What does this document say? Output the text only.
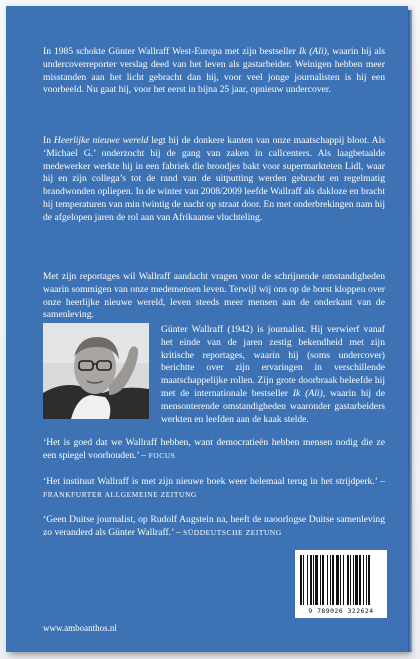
In 1985 schokte Günter Wallraff West-Europa met zijn bestseller Ik (Ali), waarin hij als undercoverreporter verslag deed van het leven als gastarbeider. Weinigen hebben meer misstanden aan het licht gebracht dan hij, voor veel jonge journalisten is hij een voorbeeld. Nu gaat hij, voor het eerst in bijna 25 jaar, opnieuw undercover.

In Heerlijke nieuwe wereld legt hij de donkere kanten van onze maatschappij bloot. Als ‘Michael G.’ onderzocht hij de gang van zaken in callcenters. Als laagbetaalde medewerker werkte hij in een fabriek die broodjes bakt voor supermarkteten Lidl, waar hij en zijn collega’s tot de rand van de uitputting werden gebracht en regelmatig brandwonden opliepen. In de winter van 2008/2009 leefde Wallraff als dakloze en bracht hij temperaturen van min twintig de nacht op straat door. En met onderbrekingen nam hij de afgelopen jaren de rol aan van Afrikaanse vluchteling.

Met zijn reportages wil Wallraff aandacht vragen voor de schrijnende omstandigheden waarin sommigen van onze medemensen leven. Terwijl wij ons op de borst kloppen over onze heerlijke nieuwe wereld, leven steeds meer mensen aan de onderkant van de samenleving.

Günter Wallraff (1942) is journalist. Hij verwierf vanaf het einde van de jaren zestig bekendheid met zijn kritische reportages, waarin hij (soms undercover) berichtte over zijn ervaringen in verschillende maatschappelijke rollen. Zijn grote doorbraak beleefde hij met de internationale bestseller Ik (Ali), waarin hij de mensonterende omstandigheden waaronder gastarbeiders werkten en leefden aan de kaak stelde.

‘Het is goed dat we Wallraff hebben, want democratieën hebben mensen nodig die ze een spiegel voorhouden.’ – FOCUS

‘Het instituut Wallraff is met zijn nieuwe boek weer helemaal terug in het strijdperk.’ – FRANKFURTER ALLGEMEINE ZEITUNG

‘Geen Duitse journalist, op Rudolf Augstein na, heeft de naoorlogse Duitse samenleving zo veranderd als Günter Wallraff.’ – SÜDDEUTSCHE ZEITUNG

9 789026 322624

www.amboanthos.nl
